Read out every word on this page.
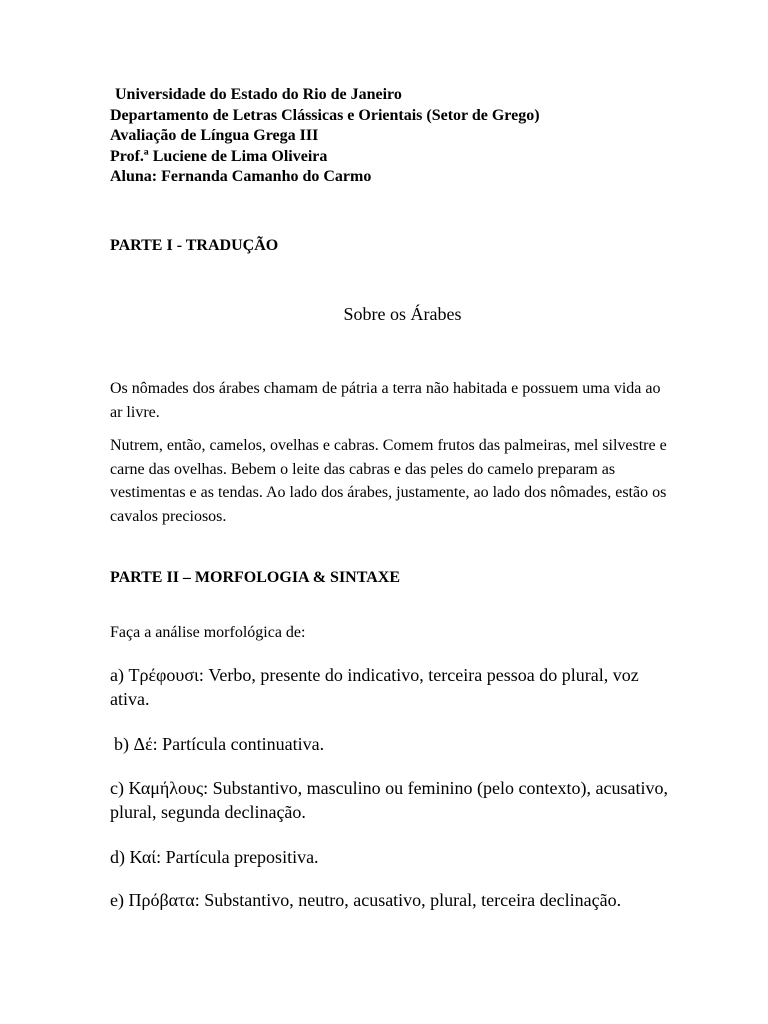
Universidade do Estado do Rio de Janeiro
Departamento de Letras Clássicas e Orientais (Setor de Grego)
Avaliação de Língua Grega III
Prof.ª Luciene de Lima Oliveira
Aluna: Fernanda Camanho do Carmo
PARTE I - TRADUÇÃO
Sobre os Árabes
Os nômades dos árabes chamam de pátria a terra não habitada e possuem uma vida ao ar livre.
Nutrem, então, camelos, ovelhas e cabras. Comem frutos das palmeiras, mel silvestre e carne das ovelhas. Bebem o leite das cabras e das peles do camelo preparam as vestimentas e as tendas. Ao lado dos árabes, justamente, ao lado dos nômades, estão os cavalos preciosos.
PARTE II – MORFOLOGIA & SINTAXE
Faça a análise morfológica de:
a) Τρέφουσι: Verbo, presente do indicativo, terceira pessoa do plural, voz ativa.
b) Δέ: Partícula continuativa.
c) Καμήλους: Substantivo, masculino ou feminino (pelo contexto), acusativo, plural, segunda declinação.
d) Καί: Partícula prepositiva.
e) Πρόβατα: Substantivo, neutro, acusativo, plural, terceira declinação.
